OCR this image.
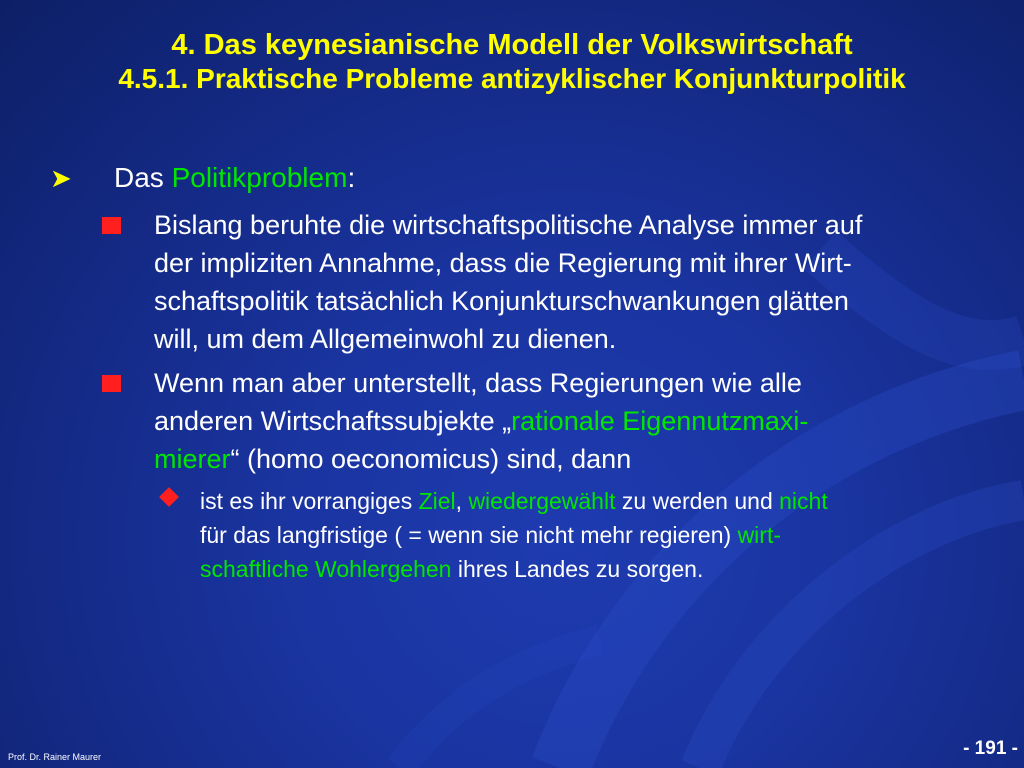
4. Das keynesianische Modell der Volkswirtschaft
4.5.1. Praktische Probleme antizyklischer Konjunkturpolitik
➤ Das Politikproblem:
Bislang beruhte die wirtschaftspolitische Analyse immer auf
der impliziten Annahme, dass die Regierung mit ihrer Wirt-
schaftspolitik tatsächlich Konjunkturschwankungen glätten
will, um dem Allgemeinwohl zu dienen.
Wenn man aber unterstellt, dass Regierungen wie alle
anderen Wirtschaftssubjekte „rationale Eigennutzmaxi-
mierer“ (homo oeconomicus) sind, dann
ist es ihr vorrangiges Ziel, wiedergewählt zu werden und nicht
für das langfristige ( = wenn sie nicht mehr regieren) wirt-
schaftliche Wohlergehen ihres Landes zu sorgen.
Prof. Dr. Rainer Maurer	- 191 -
